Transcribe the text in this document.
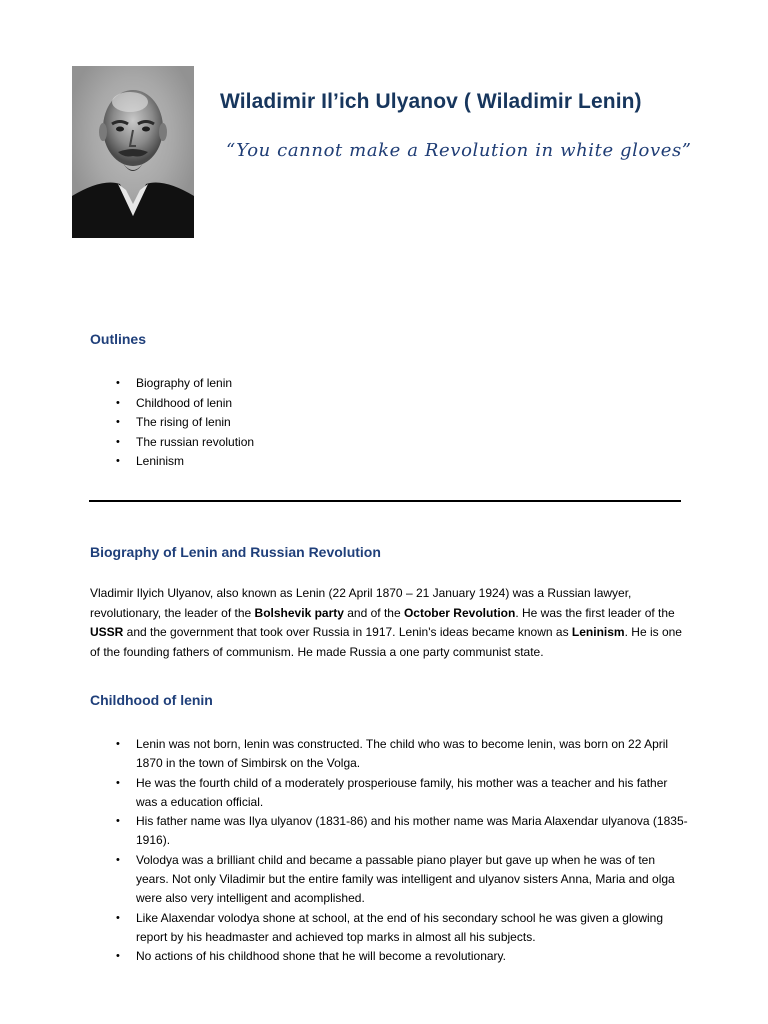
Wiladimir Il’ich Ulyanov ( Wiladimir Lenin)
“You cannot make a Revolution in white gloves”
Outlines
• Biography of lenin
• Childhood of lenin
• The rising of lenin
• The russian revolution
• Leninism
Biography of Lenin and Russian Revolution
Vladimir Ilyich Ulyanov, also known as Lenin (22 April 1870 – 21 January 1924) was a Russian lawyer, revolutionary, the leader of the Bolshevik party and of the October Revolution. He was the first leader of the USSR and the government that took over Russia in 1917. Lenin's ideas became known as Leninism. He is one of the founding fathers of communism. He made Russia a one party communist state.
Childhood of lenin
• Lenin was not born, lenin was constructed. The child who was to become lenin, was born on 22 April 1870 in the town of Simbirsk on the Volga.
• He was the fourth child of a moderately prosperiouse family, his mother was a teacher and his father was a education official.
• His father name was Ilya ulyanov (1831-86) and his mother name was Maria Alaxendar ulyanova (1835-1916).
• Volodya was a brilliant child and became a passable piano player but gave up when he was of ten years. Not only Viladimir but the entire family was intelligent and ulyanov sisters Anna, Maria and olga were also very intelligent and acomplished.
• Like Alaxendar volodya shone at school, at the end of his secondary school he was given a glowing report by his headmaster and achieved top marks in almost all his subjects.
• No actions of his childhood shone that he will become a revolutionary.
